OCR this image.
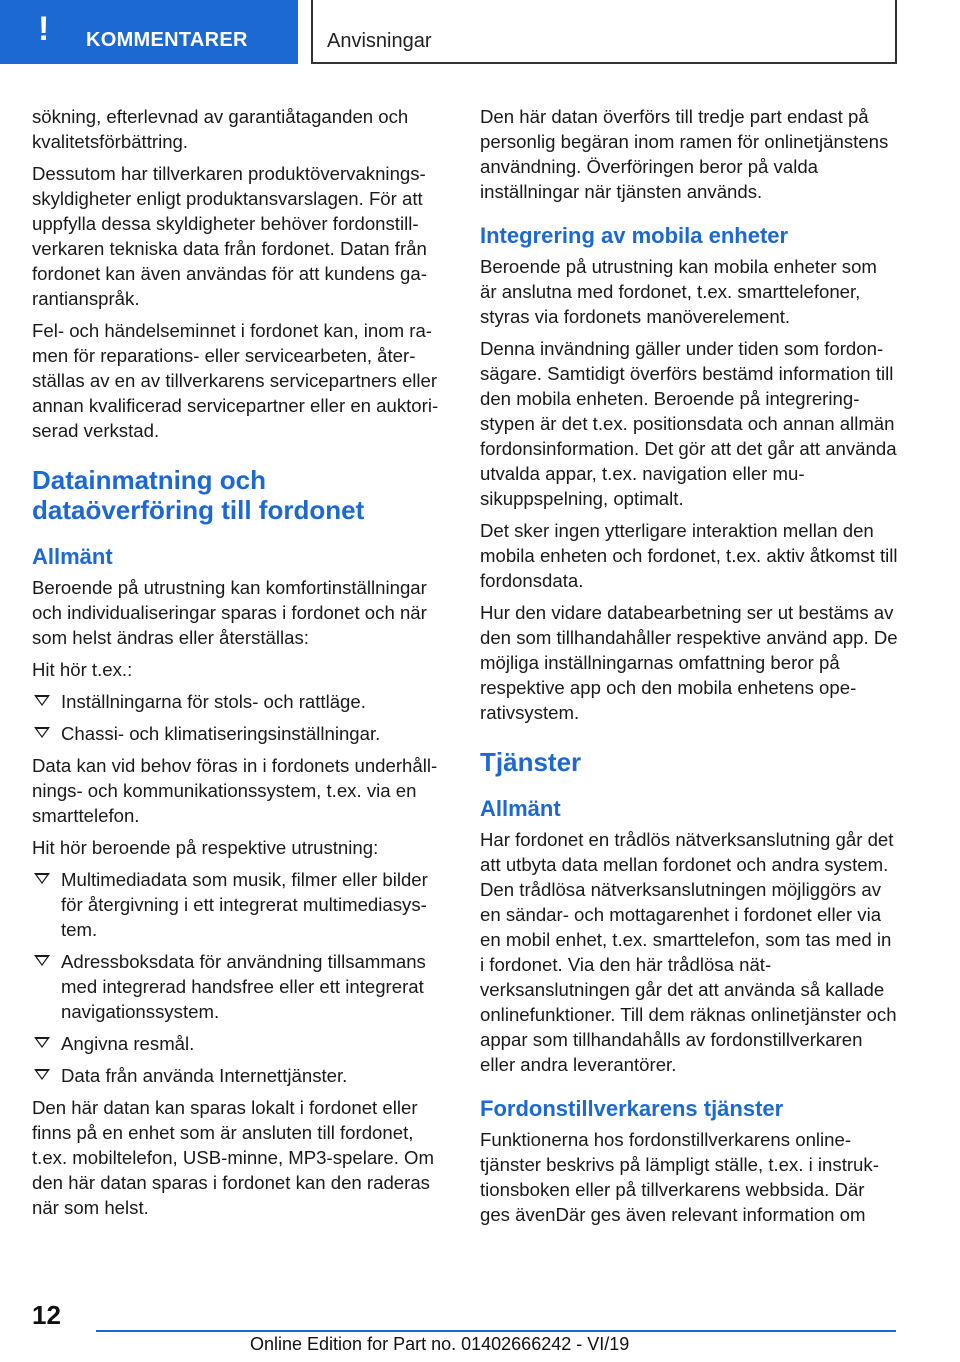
! KOMMENTARER	Anvisningar

sökning, efterlevnad av garantiåtaganden och kvalitetsförbättring.

Dessutom har tillverkaren produktövervakningsskyldigheter enligt produktansvarslagen. För att uppfylla dessa skyldigheter behöver fordonstillverkaren tekniska data från fordonet. Datan från fordonet kan även användas för att kundens garantianspråk.

Fel- och händelseminnet i fordonet kan, inom ramen för reparations- eller servicearbeten, återställas av en av tillverkarens servicepartners eller annan kvalificerad servicepartner eller en auktoriserad verkstad.

Datainmatning och dataöverföring till fordonet
Allmänt

Beroende på utrustning kan komfortinställningar och individualiseringar sparas i fordonet och när som helst ändras eller återställas:

Hit hör t.ex.:

Inställningarna för stols- och rattläge.
Chassi- och klimatiseringsinställningar.

Data kan vid behov föras in i fordonets underhållnings- och kommunikationssystem, t.ex. via en smarttelefon.

Hit hör beroende på respektive utrustning:

Multimediadata som musik, filmer eller bilder för återgivning i ett integrerat multimediasystem.
Adressboksdata för användning tillsammans med integrerad handsfree eller ett integrerat navigationssystem.
Angivna resmål.
Data från använda Internettjänster.

Den här datan kan sparas lokalt i fordonet eller finns på en enhet som är ansluten till fordonet, t.ex. mobiltelefon, USB-minne, MP3-spelare. Om den här datan sparas i fordonet kan den raderas när som helst.

Den här datan överförs till tredje part endast på personlig begäran inom ramen för onlinetjänstens användning. Överföringen beror på valda inställningar när tjänsten används.

Integrering av mobila enheter

Beroende på utrustning kan mobila enheter som är anslutna med fordonet, t.ex. smarttelefoner, styras via fordonets manöverelement.

Denna invändning gäller under tiden som fordonsägare. Samtidigt överförs bestämd information till den mobila enheten. Beroende på integreringstypen är det t.ex. positionsdata och annan allmän fordonsinformation. Det gör att det går att använda utvalda appar, t.ex. navigation eller musikuppspelning, optimalt.

Det sker ingen ytterligare interaktion mellan den mobila enheten och fordonet, t.ex. aktiv åtkomst till fordonsdata.

Hur den vidare databearbetning ser ut bestäms av den som tillhandahåller respektive använd app. De möjliga inställningarnas omfattning beror på respektive app och den mobila enhetens operativsystem.

Tjänster
Allmänt

Har fordonet en trådlös nätverksanslutning går det att utbyta data mellan fordonet och andra system. Den trådlösa nätverksanslutningen möjliggörs av en sändar- och mottagarenhet i fordonet eller via en mobil enhet, t.ex. smarttelefon, som tas med in i fordonet. Via den här trådlösa nätverksanslutningen går det att använda så kallade onlinefunktioner. Till dem räknas onlinetjänster och appar som tillhandahålls av fordonstillverkaren eller andra leverantörer.

Fordonstillverkarens tjänster

Funktionerna hos fordonstillverkarens onlinetjänster beskrivs på lämpligt ställe, t.ex. i instruktionsboken eller på tillverkarens webbsida. Där ges ävenDär ges även relevant information om

12
Online Edition for Part no. 01402666242 - VI/19
